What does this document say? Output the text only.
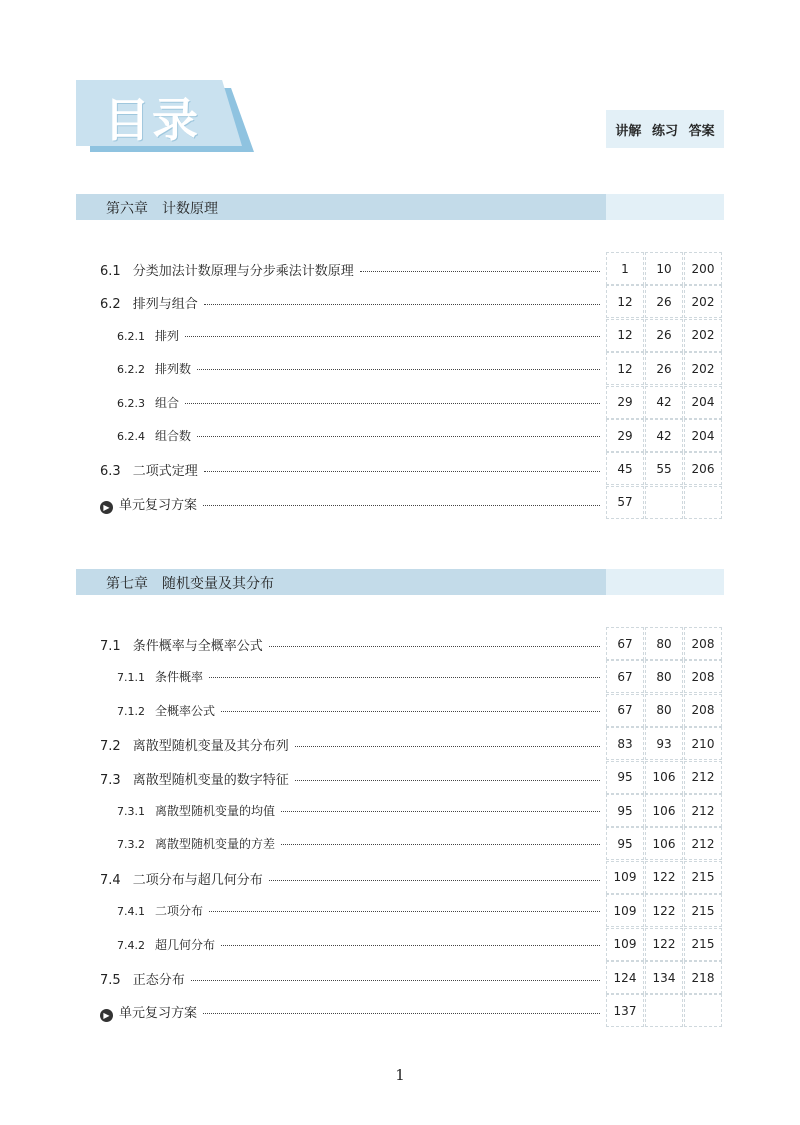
目录	讲解 练习 答案
第六章 计数原理
6.1 分类加法计数原理与分步乘法计数原理	1	10	200
6.2 排列与组合	12	26	202
6.2.1 排列	12	26	202
6.2.2 排列数	12	26	202
6.2.3 组合	29	42	204
6.2.4 组合数	29	42	204
6.3 二项式定理	45	55	206
▶ 单元复习方案	57
第七章 随机变量及其分布
7.1 条件概率与全概率公式	67	80	208
7.1.1 条件概率	67	80	208
7.1.2 全概率公式	67	80	208
7.2 离散型随机变量及其分布列	83	93	210
7.3 离散型随机变量的数字特征	95	106	212
7.3.1 离散型随机变量的均值	95	106	212
7.3.2 离散型随机变量的方差	95	106	212
7.4 二项分布与超几何分布	109	122	215
7.4.1 二项分布	109	122	215
7.4.2 超几何分布	109	122	215
7.5 正态分布	124	134	218
▶ 单元复习方案	137
1
